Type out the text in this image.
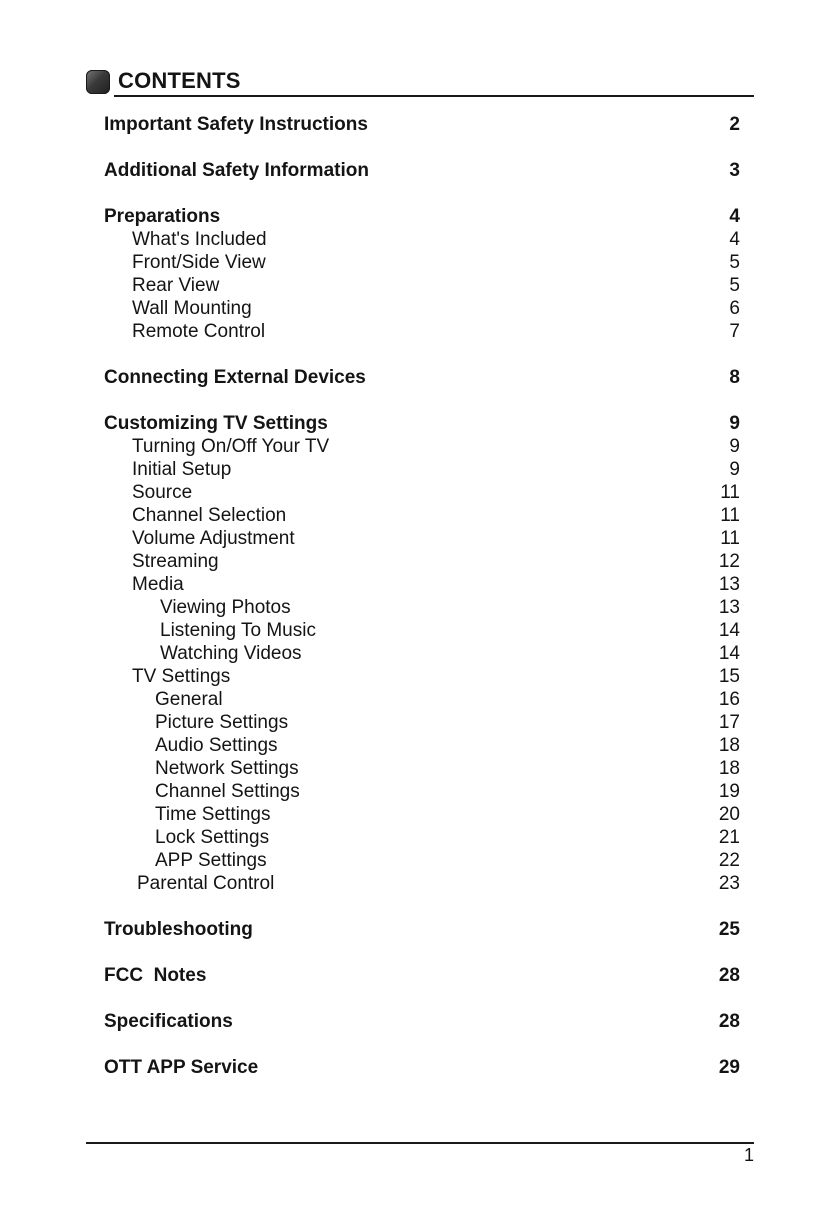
CONTENTS
Important Safety Instructions	2
Additional Safety Information	3
Preparations	4
What's Included	4
Front/Side View	5
Rear View	5
Wall Mounting	6
Remote Control	7
Connecting External Devices	8
Customizing TV Settings	9
Turning On/Off Your TV	9
Initial Setup	9
Source	11
Channel Selection	11
Volume Adjustment	11
Streaming	12
Media	13
Viewing Photos	13
Listening To Music	14
Watching Videos	14
TV Settings	15
General	16
Picture Settings	17
Audio Settings	18
Network Settings	18
Channel Settings	19
Time Settings	20
Lock Settings	21
APP Settings	22
Parental Control	23
Troubleshooting	25
FCC  Notes	28
Specifications	28
OTT APP Service	29
1
